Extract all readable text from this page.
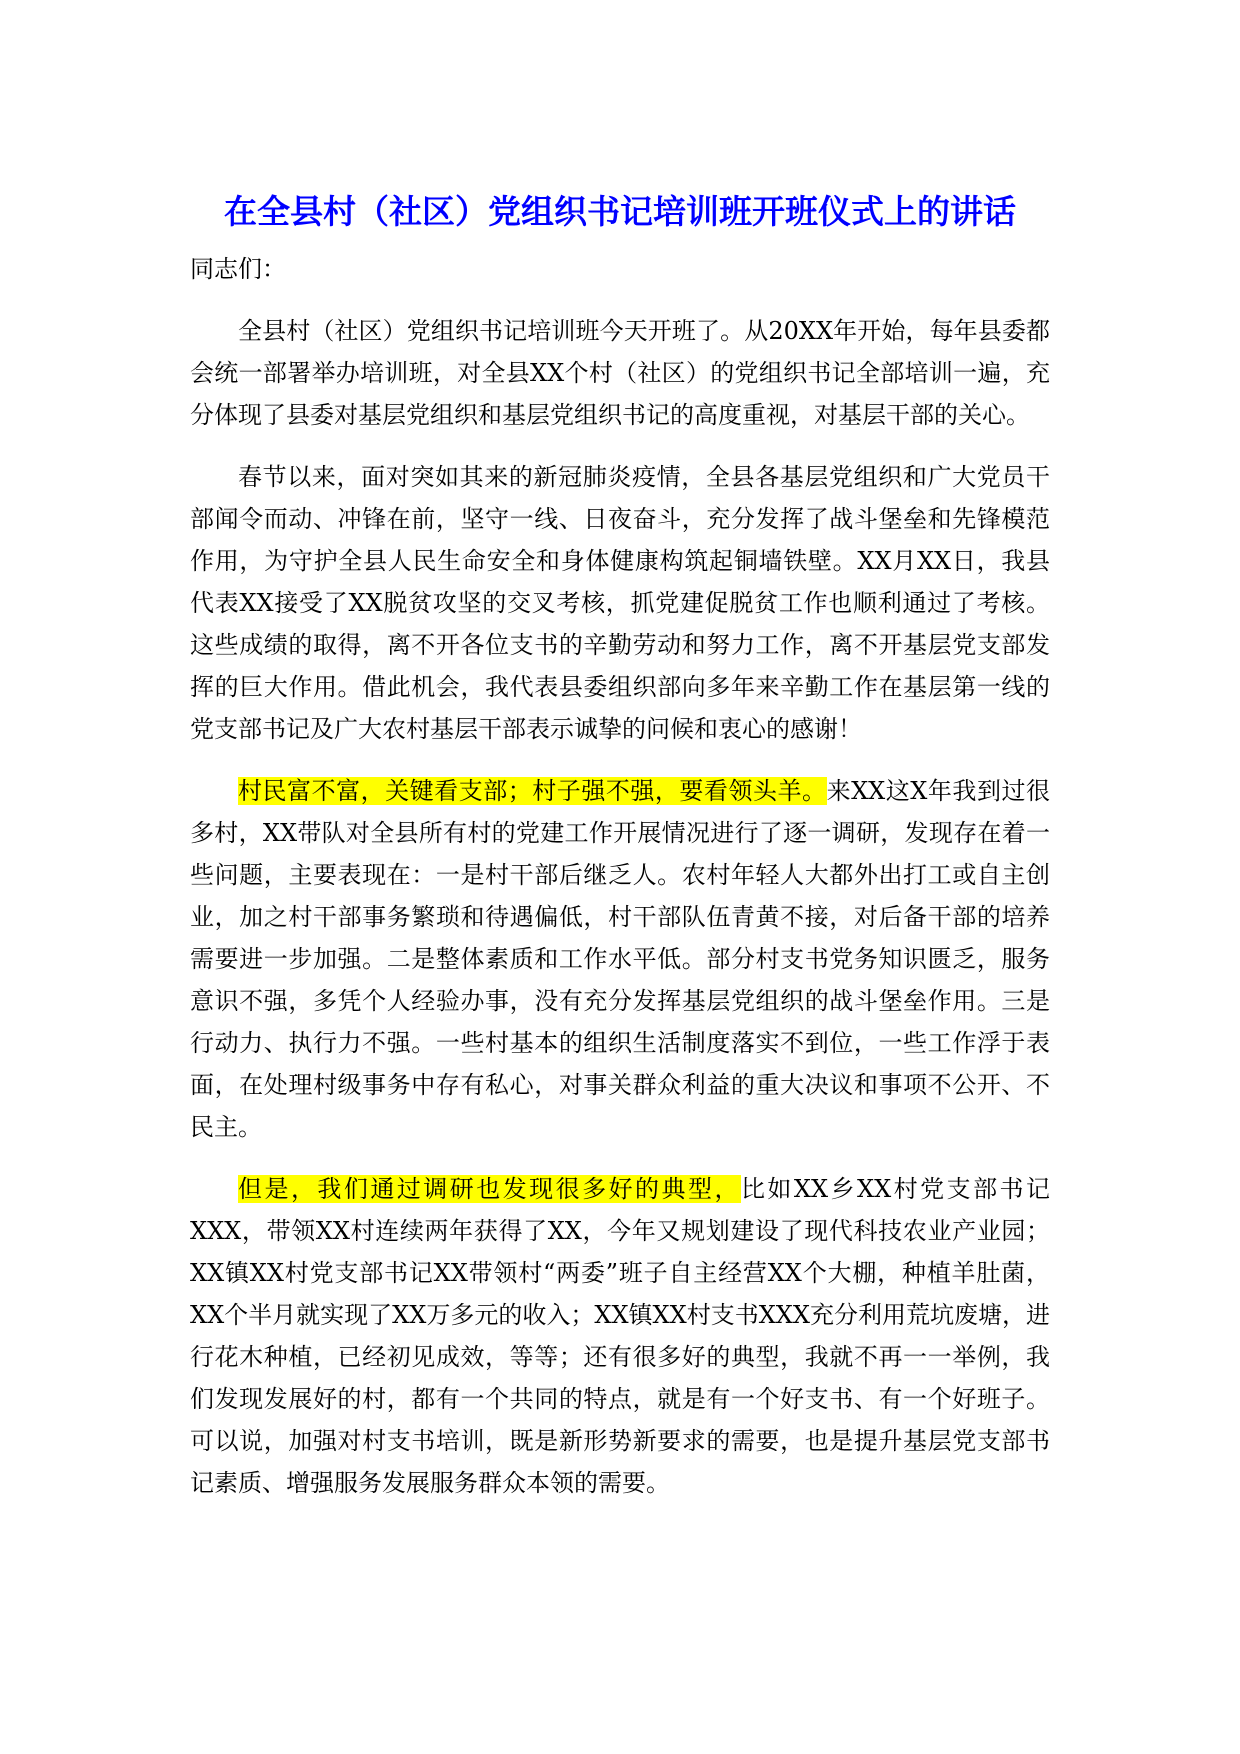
在全县村（社区）党组织书记培训班开班仪式上的讲话

同志们：

全县村（社区）党组织书记培训班今天开班了。从20XX年开始，每年县委都会统一部署举办培训班，对全县XX个村（社区）的党组织书记全部培训一遍，充分体现了县委对基层党组织和基层党组织书记的高度重视，对基层干部的关心。

春节以来，面对突如其来的新冠肺炎疫情，全县各基层党组织和广大党员干部闻令而动、冲锋在前，坚守一线、日夜奋斗，充分发挥了战斗堡垒和先锋模范作用，为守护全县人民生命安全和身体健康构筑起铜墙铁壁。XX月XX日，我县代表XX接受了XX脱贫攻坚的交叉考核，抓党建促脱贫工作也顺利通过了考核。这些成绩的取得，离不开各位支书的辛勤劳动和努力工作，离不开基层党支部发挥的巨大作用。借此机会，我代表县委组织部向多年来辛勤工作在基层第一线的党支部书记及广大农村基层干部表示诚挚的问候和衷心的感谢！

村民富不富，关键看支部；村子强不强，要看领头羊。来XX这X年我到过很多村，XX带队对全县所有村的党建工作开展情况进行了逐一调研，发现存在着一些问题，主要表现在：一是村干部后继乏人。农村年轻人大都外出打工或自主创业，加之村干部事务繁琐和待遇偏低，村干部队伍青黄不接，对后备干部的培养需要进一步加强。二是整体素质和工作水平低。部分村支书党务知识匮乏，服务意识不强，多凭个人经验办事，没有充分发挥基层党组织的战斗堡垒作用。三是行动力、执行力不强。一些村基本的组织生活制度落实不到位，一些工作浮于表面，在处理村级事务中存有私心，对事关群众利益的重大决议和事项不公开、不民主。

但是，我们通过调研也发现很多好的典型，比如XX乡XX村党支部书记XXX，带领XX村连续两年获得了XX，今年又规划建设了现代科技农业产业园；XX镇XX村党支部书记XX带领村“两委”班子自主经营XX个大棚，种植羊肚菌，XX个半月就实现了XX万多元的收入；XX镇XX村支书XXX充分利用荒坑废塘，进行花木种植，已经初见成效，等等；还有很多好的典型，我就不再一一举例，我们发现发展好的村，都有一个共同的特点，就是有一个好支书、有一个好班子。可以说，加强对村支书培训，既是新形势新要求的需要，也是提升基层党支部书记素质、增强服务发展服务群众本领的需要。
